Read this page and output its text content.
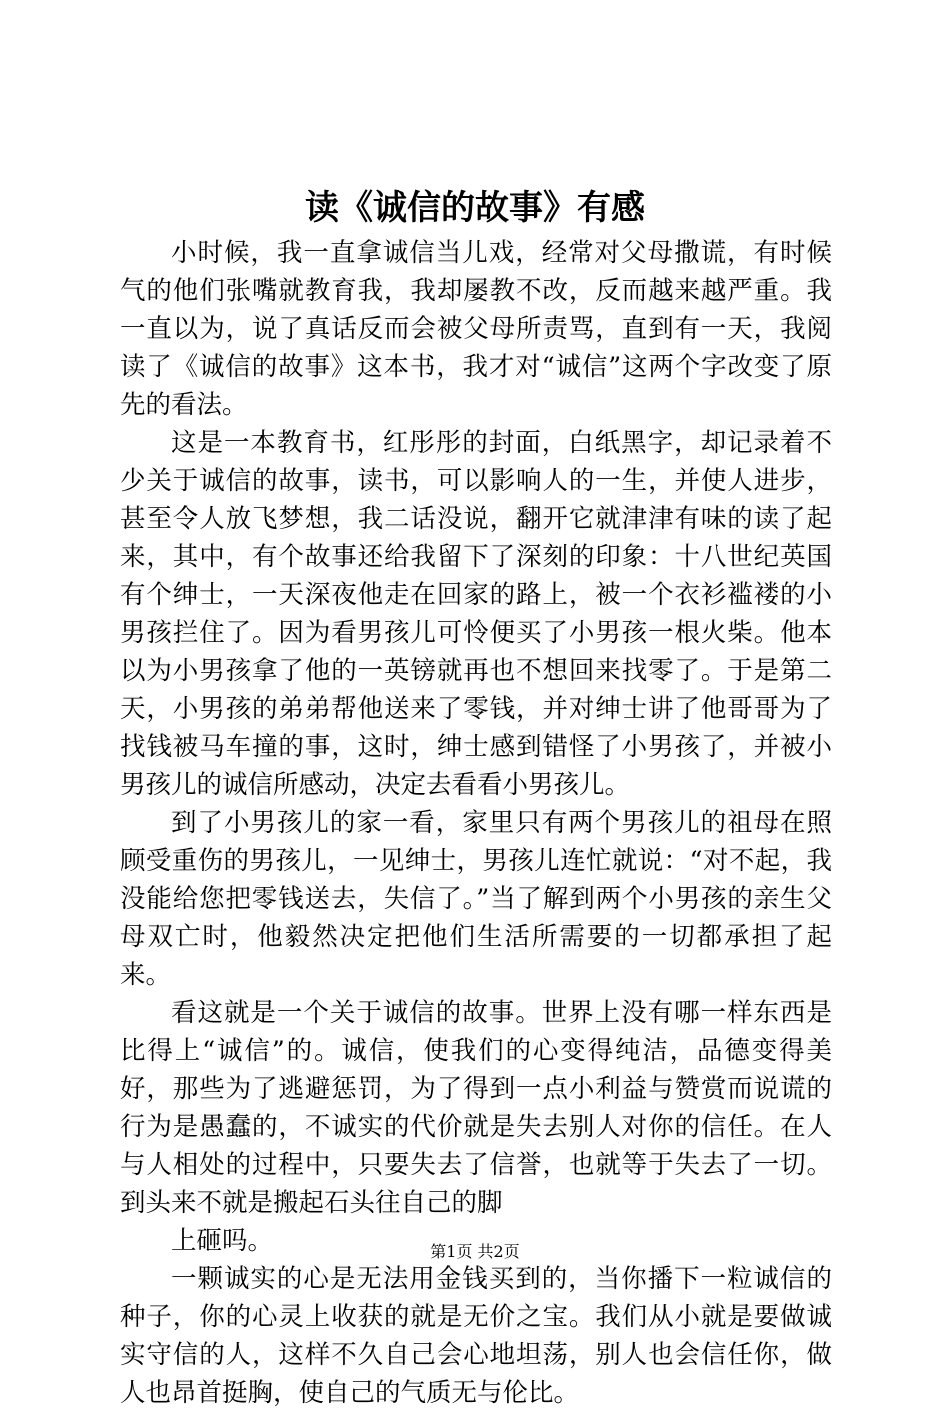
读《诚信的故事》有感

小时候，我一直拿诚信当儿戏，经常对父母撒谎，有时候气的他们张嘴就教育我，我却屡教不改，反而越来越严重。我一直以为，说了真话反而会被父母所责骂，直到有一天，我阅读了《诚信的故事》这本书，我才对“诚信”这两个字改变了原先的看法。

这是一本教育书，红彤彤的封面，白纸黑字，却记录着不少关于诚信的故事，读书，可以影响人的一生，并使人进步，甚至令人放飞梦想，我二话没说，翻开它就津津有味的读了起来，其中，有个故事还给我留下了深刻的印象：十八世纪英国有个绅士，一天深夜他走在回家的路上，被一个衣衫褴褛的小男孩拦住了。因为看男孩儿可怜便买了小男孩一根火柴。他本以为小男孩拿了他的一英镑就再也不想回来找零了。于是第二天，小男孩的弟弟帮他送来了零钱，并对绅士讲了他哥哥为了找钱被马车撞的事，这时，绅士感到错怪了小男孩了，并被小男孩儿的诚信所感动，决定去看看小男孩儿。

到了小男孩儿的家一看，家里只有两个男孩儿的祖母在照顾受重伤的男孩儿，一见绅士，男孩儿连忙就说：“对不起，我没能给您把零钱送去，失信了。”当了解到两个小男孩的亲生父母双亡时，他毅然决定把他们生活所需要的一切都承担了起来。

看这就是一个关于诚信的故事。世界上没有哪一样东西是比得上“诚信”的。诚信，使我们的心变得纯洁，品德变得美好，那些为了逃避惩罚，为了得到一点小利益与赞赏而说谎的行为是愚蠢的，不诚实的代价就是失去别人对你的信任。在人与人相处的过程中，只要失去了信誉，也就等于失去了一切。到头来不就是搬起石头往自己的脚

上砸吗。

一颗诚实的心是无法用金钱买到的，当你播下一粒诚信的种子，你的心灵上收获的就是无价之宝。我们从小就是要做诚实守信的人，这样不久自己会心地坦荡，别人也会信任你，做人也昂首挺胸，使自己的气质无与伦比。

第1页 共2页
